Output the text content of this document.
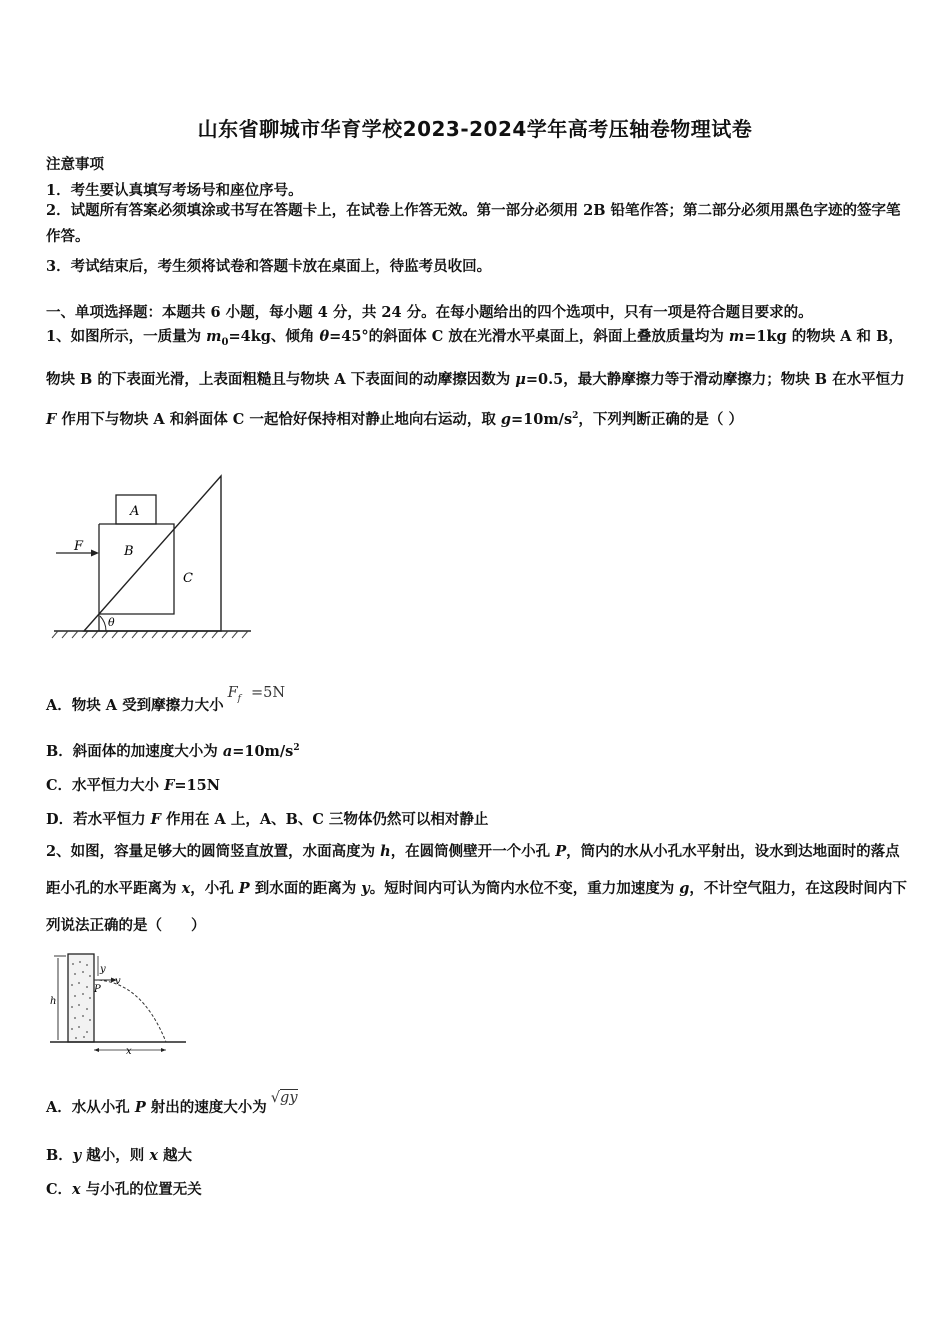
山东省聊城市华育学校2023-2024学年高考压轴卷物理试卷
注意事项
1．考生要认真填写考场号和座位序号。
2．试题所有答案必须填涂或书写在答题卡上，在试卷上作答无效。第一部分必须用 2B 铅笔作答；第二部分必须用黑色字迹的签字笔作答。
3．考试结束后，考生须将试卷和答题卡放在桌面上，待监考员收回。
一、单项选择题：本题共 6 小题，每小题 4 分，共 24 分。在每小题给出的四个选项中，只有一项是符合题目要求的。
1、如图所示，一质量为 $m_0=4kg$、倾角 θ=45°的斜面体 C 放在光滑水平桌面上，斜面上叠放质量均为 m=1kg 的物块 A 和 B，物块 B 的下表面光滑，上表面粗糙且与物块 A 下表面间的动摩擦因数为 μ=0.5，最大静摩擦力等于滑动摩擦力；物块 B 在水平恒力 F 作用下与物块 A 和斜面体 C 一起恰好保持相对静止地向右运动，取 $g=10m/s^2$，下列判断正确的是（ ）
A
B
C
F
θ
A．物块 A 受到摩擦力大小$F_f =5N$
B．斜面体的加速度大小为 $a=10m/s^2$
C．水平恒力大小 F=15N
D．若水平恒力 F 作用在 A 上，A、B、C 三物体仍然可以相对静止
2、如图，容量足够大的圆筒竖直放置，水面高度为 h，在圆筒侧壁开一个小孔 P，筒内的水从小孔水平射出，设水到达地面时的落点距小孔的水平距离为 x，小孔 P 到水面的距离为 y。短时间内可认为筒内水位不变，重力加速度为 g，不计空气阻力，在这段时间内下列说法正确的是（　　）
h
y
v
P
x
A．水从小孔 P 射出的速度大小为√gy
B．y 越小，则 x 越大
C．x 与小孔的位置无关
